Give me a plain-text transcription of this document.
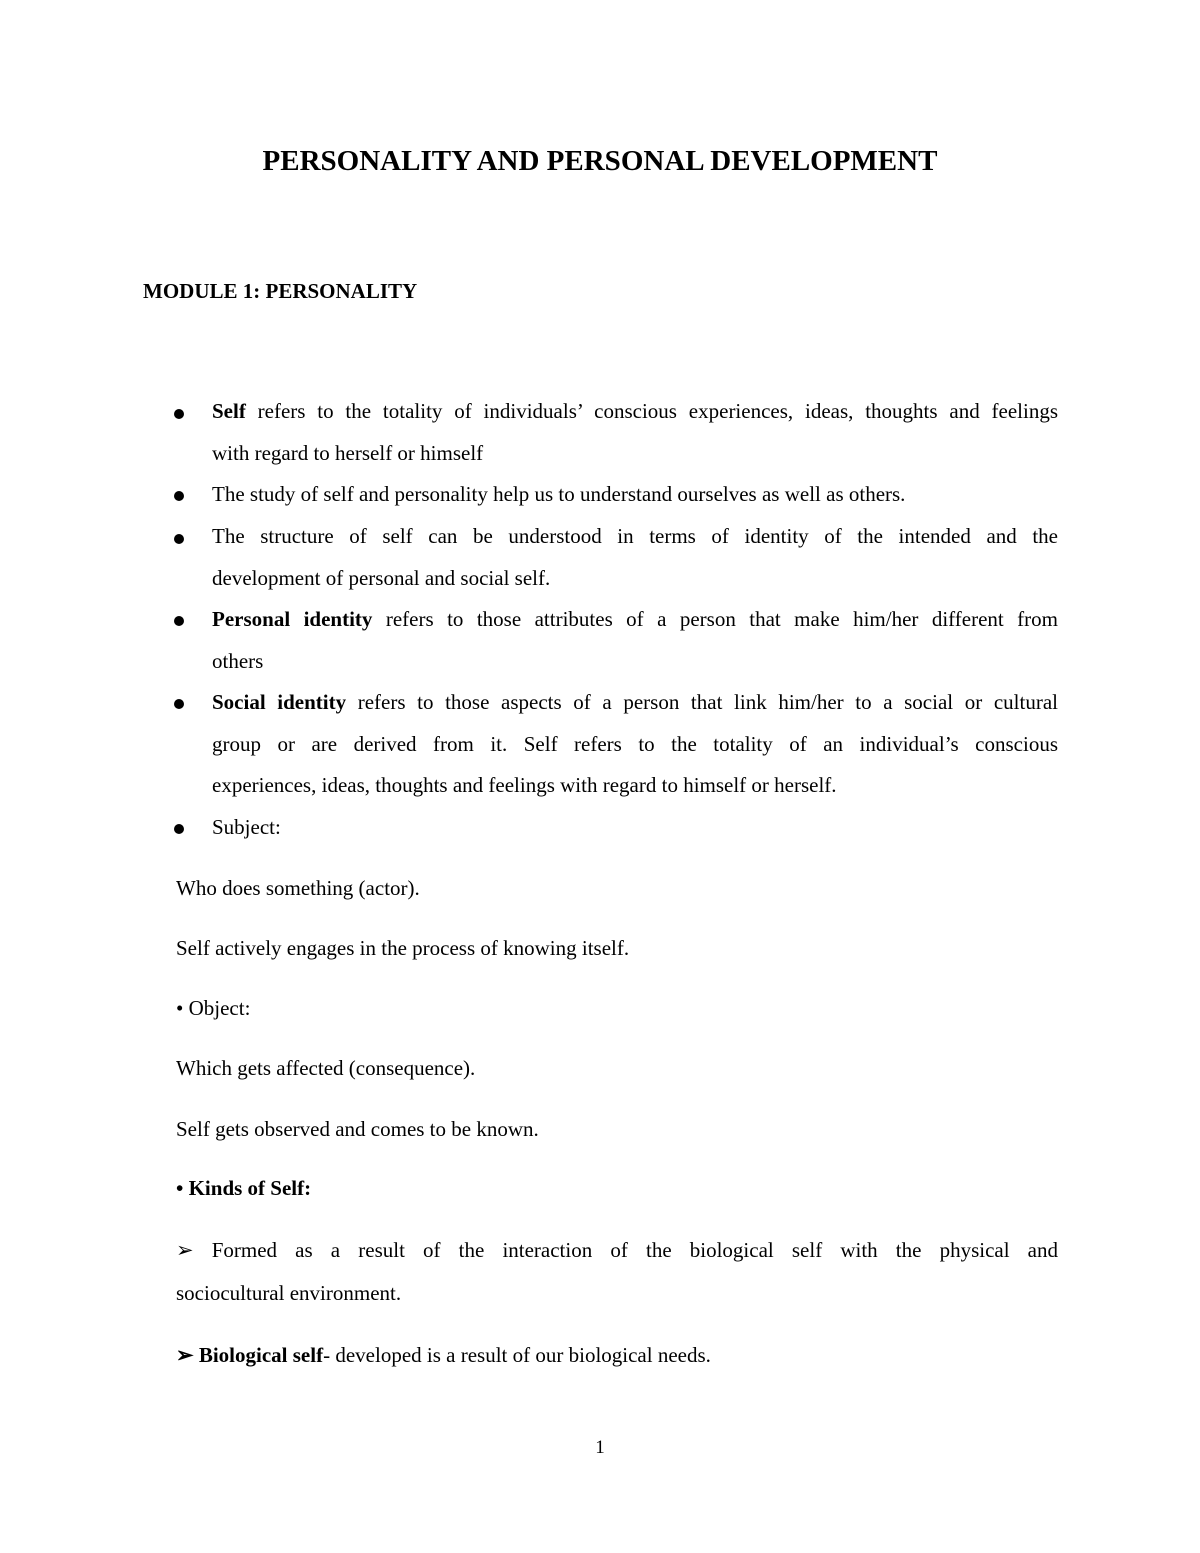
PERSONALITY AND PERSONAL DEVELOPMENT
MODULE 1: PERSONALITY
Self refers to the totality of individuals’ conscious experiences, ideas, thoughts and feelings
with regard to herself or himself
The study of self and personality help us to understand ourselves as well as others.
The structure of self can be understood in terms of identity of the intended and the
development of personal and social self.
Personal identity refers to those attributes of a person that make him/her different from
others
Social identity refers to those aspects of a person that link him/her to a social or cultural
group or are derived from it. Self refers to the totality of an individual’s conscious
experiences, ideas, thoughts and feelings with regard to himself or herself.
Subject:
Who does something (actor).
Self actively engages in the process of knowing itself.
• Object:
Which gets affected (consequence).
Self gets observed and comes to be known.
• Kinds of Self:
➢ Formed as a result of the interaction of the biological self with the physical and
sociocultural environment.
➢ Biological self- developed is a result of our biological needs.
1
